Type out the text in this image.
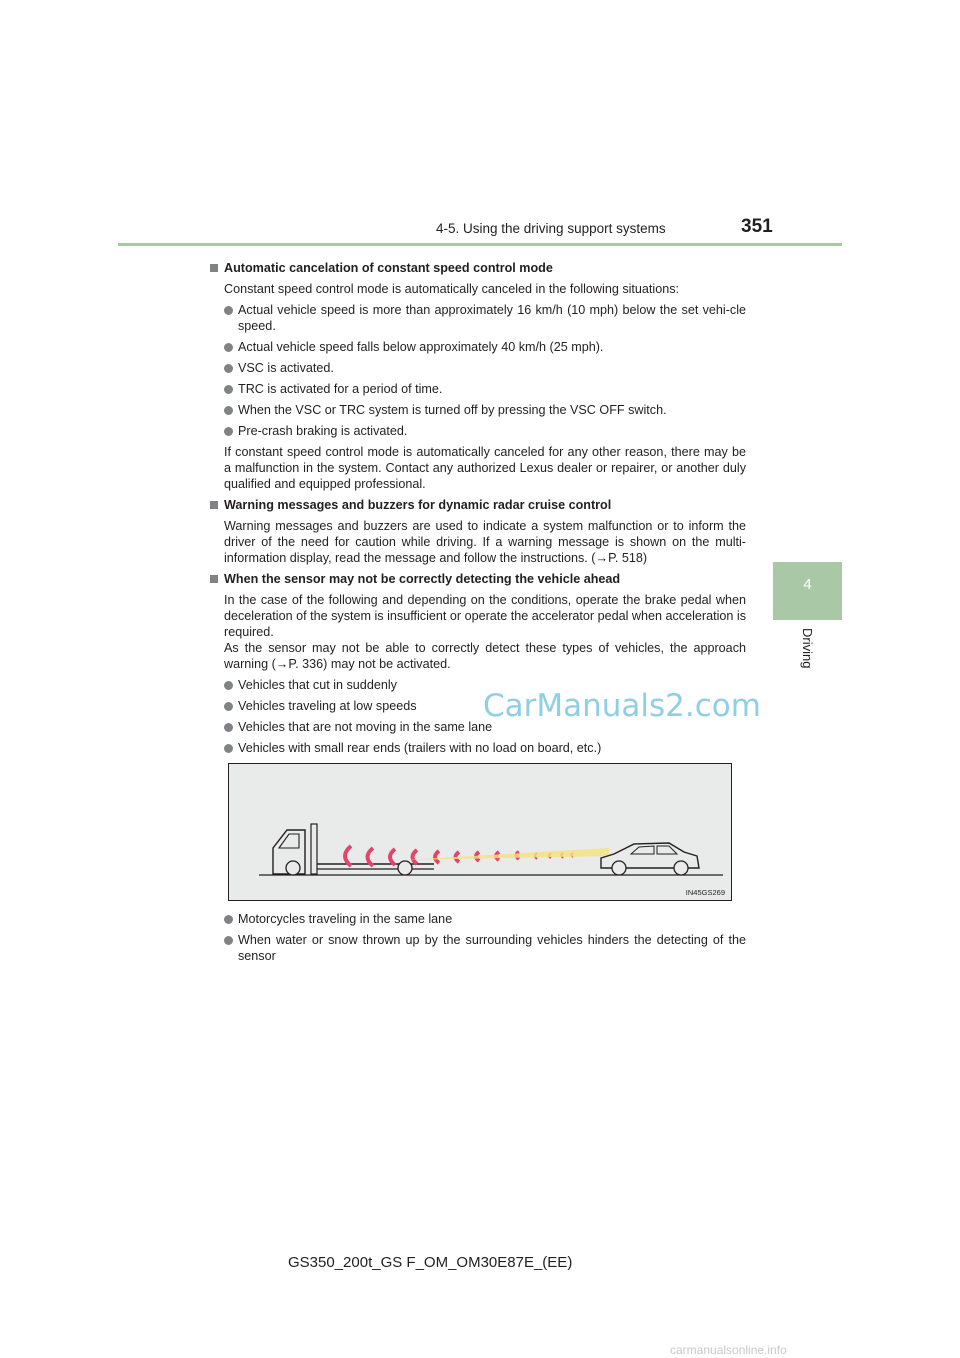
4-5. Using the driving support systems	351
4
Driving
Automatic cancelation of constant speed control mode
Constant speed control mode is automatically canceled in the following situations:
Actual vehicle speed is more than approximately 16 km/h (10 mph) below the set vehi-cle speed.
Actual vehicle speed falls below approximately 40 km/h (25 mph).
VSC is activated.
TRC is activated for a period of time.
When the VSC or TRC system is turned off by pressing the VSC OFF switch.
Pre-crash braking is activated.
If constant speed control mode is automatically canceled for any other reason, there may be a malfunction in the system. Contact any authorized Lexus dealer or repairer, or another duly qualified and equipped professional.
Warning messages and buzzers for dynamic radar cruise control
Warning messages and buzzers are used to indicate a system malfunction or to inform the driver of the need for caution while driving. If a warning message is shown on the multi-information display, read the message and follow the instructions. (→P. 518)
When the sensor may not be correctly detecting the vehicle ahead
In the case of the following and depending on the conditions, operate the brake pedal when deceleration of the system is insufficient or operate the accelerator pedal when acceleration is required.
As the sensor may not be able to correctly detect these types of vehicles, the approach warning (→P. 336) may not be activated.
Vehicles that cut in suddenly
Vehicles traveling at low speeds
Vehicles that are not moving in the same lane
Vehicles with small rear ends (trailers with no load on board, etc.)
IN45GS269
Motorcycles traveling in the same lane
When water or snow thrown up by the surrounding vehicles hinders the detecting of the sensor
CarManuals2.com
GS350_200t_GS F_OM_OM30E87E_(EE)
carmanualsonline.info
